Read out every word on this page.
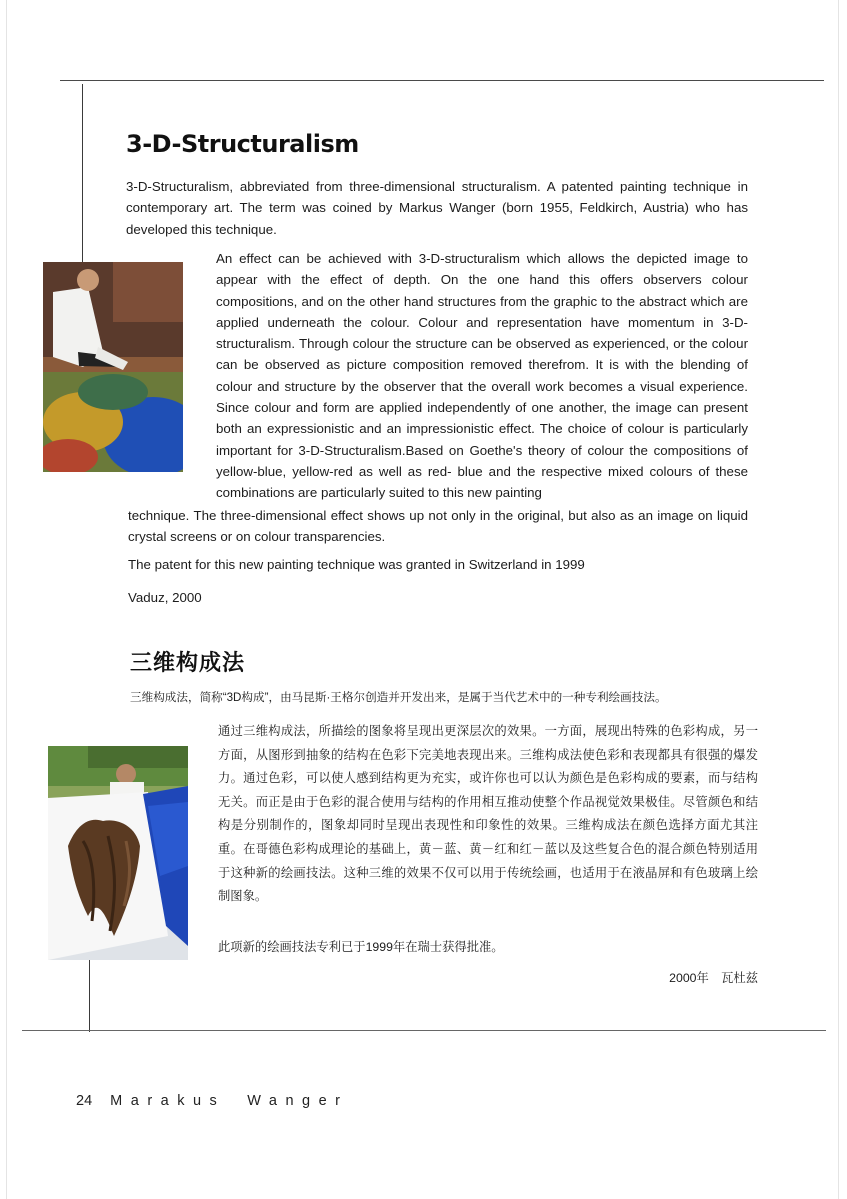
3-D-Structuralism

3-D-Structuralism, abbreviated from three-dimensional structuralism. A patented painting technique in contemporary art. The term was coined by Markus Wanger (born 1955, Feldkirch, Austria) who has developed this technique.

An effect can be achieved with 3-D-structuralism which allows the depicted image to appear with the effect of depth. On the one hand this offers observers colour compositions, and on the other hand structures from the graphic to the abstract which are applied underneath the colour. Colour and representation have momentum in 3-D-structuralism. Through colour the structure can be observed as experienced, or the colour can be observed as picture composition removed therefrom. It is with the blending of colour and structure by the observer that the overall work becomes a visual experience. Since colour and form are applied independently of one another, the image can present both an expressionistic and an impressionistic effect. The choice of colour is particularly important for 3-D-Structuralism.Based on Goethe's theory of colour the compositions of yellow-blue, yellow-red as well as red- blue and the respective mixed colours of these combinations are particularly suited to this new painting

technique. The three-dimensional effect shows up not only in the original, but also as an image on liquid crystal screens or on colour transparencies.

The patent for this new painting technique was granted in Switzerland in 1999

Vaduz, 2000

三维构成法

三维构成法，简称“3D构成”，由马昆斯·王格尔创造并开发出来，是属于当代艺术中的一种专利绘画技法。

通过三维构成法，所描绘的图象将呈现出更深层次的效果。一方面，展现出特殊的色彩构成，另一方面，从图形到抽象的结构在色彩下完美地表现出来。三维构成法使色彩和表现都具有很强的爆发力。通过色彩，可以使人感到结构更为充实，或许你也可以认为颜色是色彩构成的要素，而与结构无关。而正是由于色彩的混合使用与结构的作用相互推动使整个作品视觉效果极佳。尽管颜色和结构是分别制作的，图象却同时呈现出表现性和印象性的效果。三维构成法在颜色选择方面尤其注重。在哥德色彩构成理论的基础上，黄－蓝、黄－红和红－蓝以及这些复合色的混合颜色特别适用于这种新的绘画技法。这种三维的效果不仅可以用于传统绘画，也适用于在液晶屏和有色玻璃上绘制图象。

此项新的绘画技法专利已于1999年在瑞士获得批准。

2000年　瓦杜兹

24 Marakus Wanger
